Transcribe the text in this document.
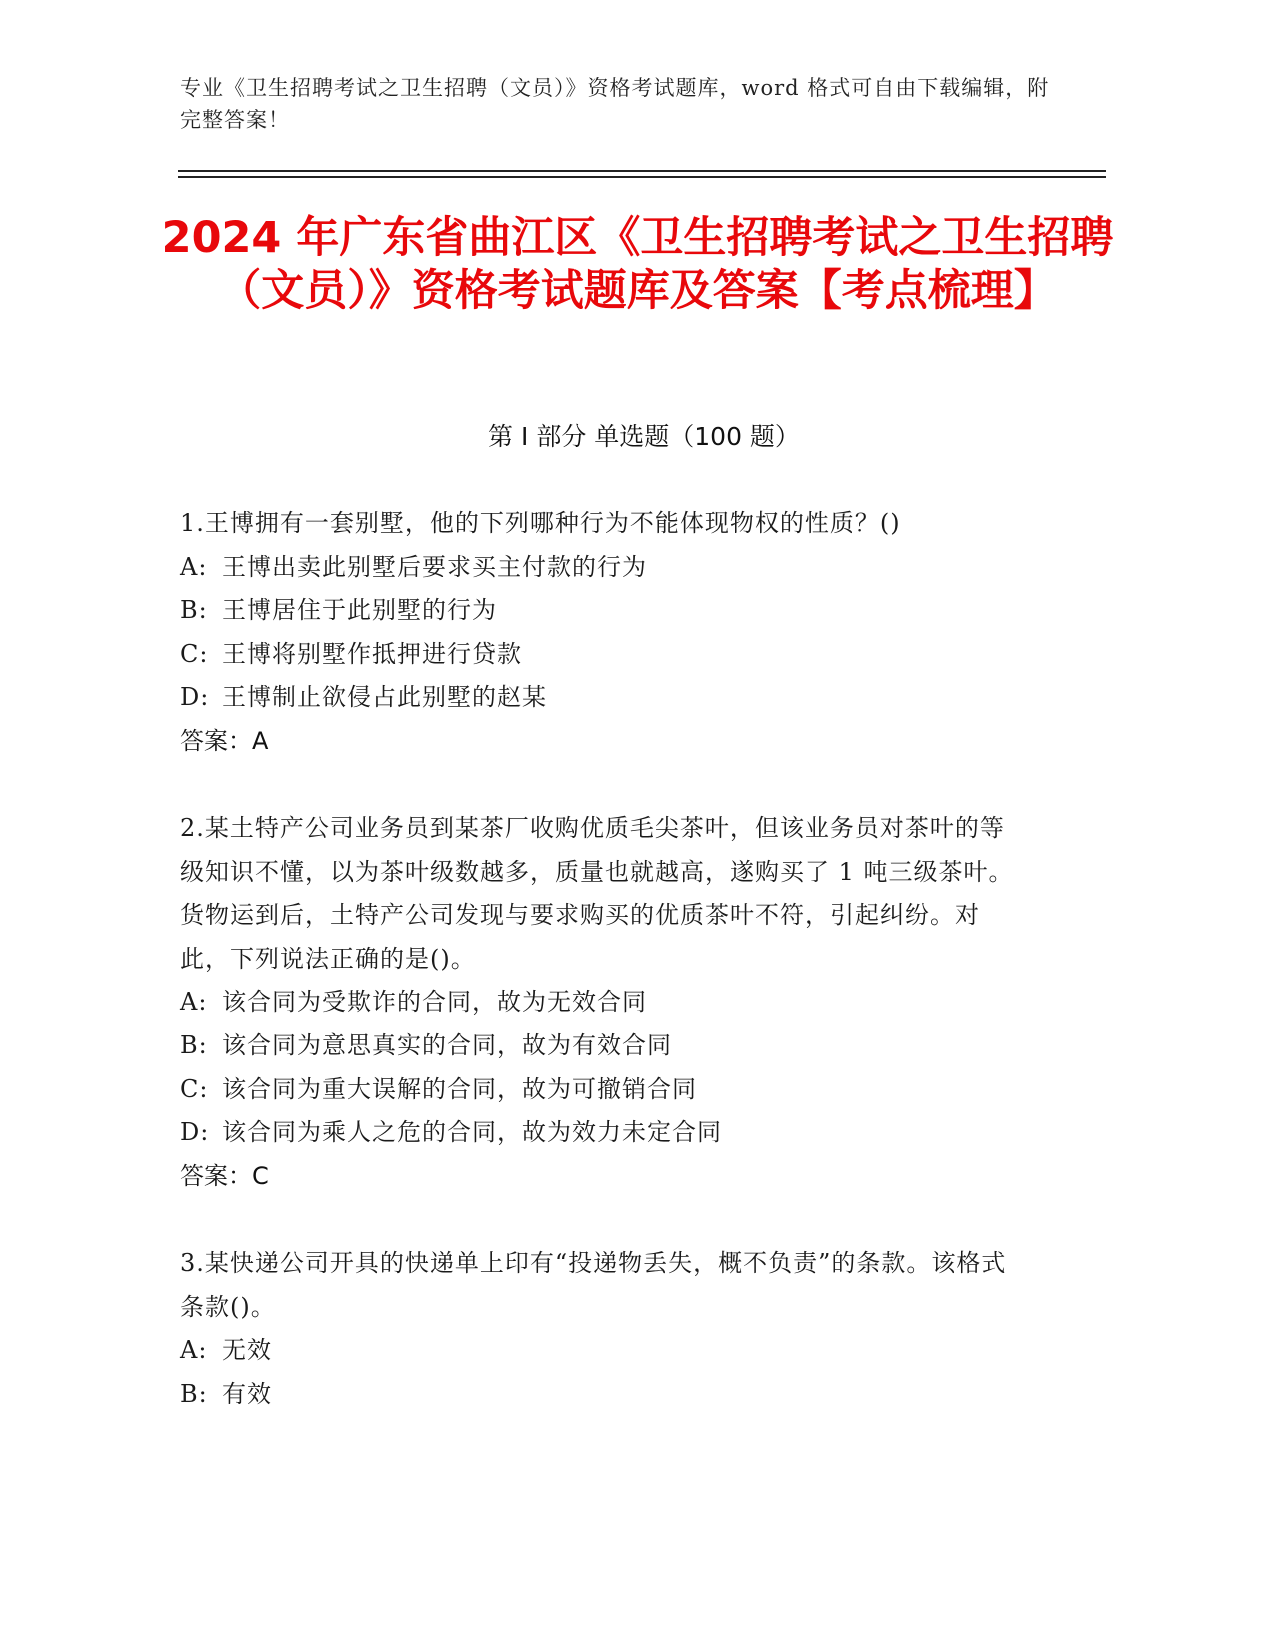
专业《卫生招聘考试之卫生招聘（文员）》资格考试题库，word 格式可自由下载编辑，附完整答案！
2024 年广东省曲江区《卫生招聘考试之卫生招聘（文员）》资格考试题库及答案【考点梳理】
第 I 部分 单选题（100 题）
1.王博拥有一套别墅，他的下列哪种行为不能体现物权的性质？()
A: 王博出卖此别墅后要求买主付款的行为
B: 王博居住于此别墅的行为
C: 王博将别墅作抵押进行贷款
D: 王博制止欲侵占此别墅的赵某
答案：A
2.某土特产公司业务员到某茶厂收购优质毛尖茶叶，但该业务员对茶叶的等级知识不懂，以为茶叶级数越多，质量也就越高，遂购买了 1 吨三级茶叶。货物运到后，土特产公司发现与要求购买的优质茶叶不符，引起纠纷。对此，下列说法正确的是()。
A: 该合同为受欺诈的合同，故为无效合同
B: 该合同为意思真实的合同，故为有效合同
C: 该合同为重大误解的合同，故为可撤销合同
D: 该合同为乘人之危的合同，故为效力未定合同
答案：C
3.某快递公司开具的快递单上印有“投递物丢失，概不负责”的条款。该格式条款()。
A: 无效
B: 有效
